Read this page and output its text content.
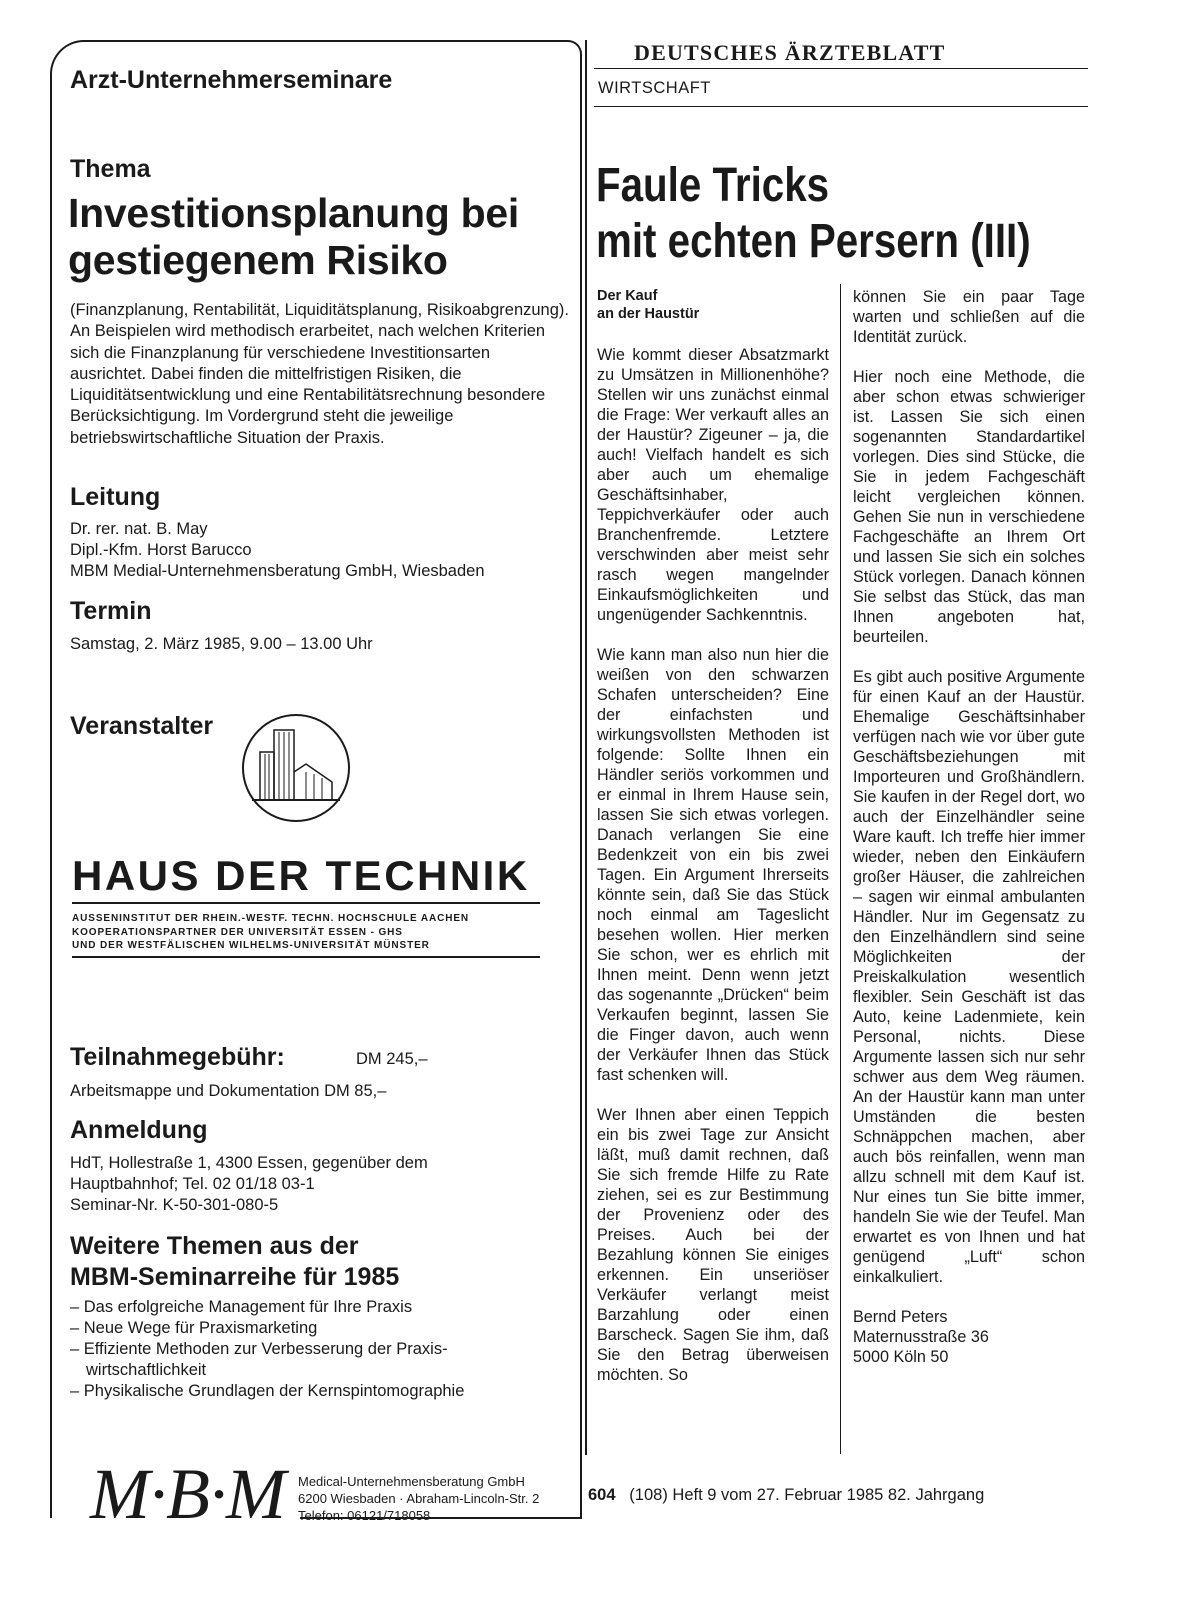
Arzt-Unternehmerseminare
Thema
Investitionsplanung bei
gestiegenem Risiko
(Finanzplanung, Rentabilität, Liquiditätsplanung, Risikoabgrenzung). An Beispielen wird methodisch erarbeitet, nach welchen Kriterien sich die Finanzplanung für verschiedene Investitionsarten ausrichtet. Dabei finden die mittelfristigen Risiken, die Liquiditätsentwicklung und eine Rentabilitätsrechnung besondere Berücksichtigung. Im Vordergrund steht die jeweilige betriebswirtschaftliche Situation der Praxis.
Leitung
Dr. rer. nat. B. May
Dipl.-Kfm. Horst Barucco
MBM Medial-Unternehmensberatung GmbH, Wiesbaden
Termin
Samstag, 2. März 1985, 9.00 – 13.00 Uhr
Veranstalter
HAUS DER TECHNIK
AUSSENINSTITUT DER RHEIN.-WESTF. TECHN. HOCHSCHULE AACHEN
KOOPERATIONSPARTNER DER UNIVERSITÄT ESSEN - GHS
UND DER WESTFÄLISCHEN WILHELMS-UNIVERSITÄT MÜNSTER
Teilnahmegebühr:	DM 245,–
Arbeitsmappe und Dokumentation DM 85,–
Anmeldung
HdT, Hollestraße 1, 4300 Essen, gegenüber dem
Hauptbahnhof; Tel. 02 01/18 03-1
Seminar-Nr. K-50-301-080-5
Weitere Themen aus der
MBM-Seminarreihe für 1985
– Das erfolgreiche Management für Ihre Praxis
– Neue Wege für Praxismarketing
– Effiziente Methoden zur Verbesserung der Praxis-
wirtschaftlichkeit
– Physikalische Grundlagen der Kernspintomographie
M·B·M Medical-Unternehmensberatung GmbH
6200 Wiesbaden · Abraham-Lincoln-Str. 2
Telefon: 06121/718058
DEUTSCHES ÄRZTEBLATT
WIRTSCHAFT
Faule Tricks
mit echten Persern (III)
Der Kauf
an der Haustür

Wie kommt dieser Absatzmarkt zu Umsätzen in Millionenhöhe? Stellen wir uns zunächst einmal die Frage: Wer verkauft alles an der Haustür? Zigeuner – ja, die auch! Vielfach handelt es sich aber auch um ehemalige Geschäftsinhaber, Teppichverkäufer oder auch Branchenfremde. Letztere verschwinden aber meist sehr rasch wegen mangelnder Einkaufsmöglichkeiten und ungenügender Sachkenntnis.

Wie kann man also nun hier die weißen von den schwarzen Schafen unterscheiden? Eine der einfachsten und wirkungsvollsten Methoden ist folgende: Sollte Ihnen ein Händler seriös vorkommen und er einmal in Ihrem Hause sein, lassen Sie sich etwas vorlegen. Danach verlangen Sie eine Bedenkzeit von ein bis zwei Tagen. Ein Argument Ihrerseits könnte sein, daß Sie das Stück noch einmal am Tageslicht besehen wollen. Hier merken Sie schon, wer es ehrlich mit Ihnen meint. Denn wenn jetzt das sogenannte „Drücken“ beim Verkaufen beginnt, lassen Sie die Finger davon, auch wenn der Verkäufer Ihnen das Stück fast schenken will.

Wer Ihnen aber einen Teppich ein bis zwei Tage zur Ansicht läßt, muß damit rechnen, daß Sie sich fremde Hilfe zu Rate ziehen, sei es zur Bestimmung der Provenienz oder des Preises. Auch bei der Bezahlung können Sie einiges erkennen. Ein unseriöser Verkäufer verlangt meist Barzahlung oder einen Barscheck. Sagen Sie ihm, daß Sie den Betrag überweisen möchten. So

können Sie ein paar Tage warten und schließen auf die Identität zurück.

Hier noch eine Methode, die aber schon etwas schwieriger ist. Lassen Sie sich einen sogenannten Standardartikel vorlegen. Dies sind Stücke, die Sie in jedem Fachgeschäft leicht vergleichen können. Gehen Sie nun in verschiedene Fachgeschäfte an Ihrem Ort und lassen Sie sich ein solches Stück vorlegen. Danach können Sie selbst das Stück, das man Ihnen angeboten hat, beurteilen.

Es gibt auch positive Argumente für einen Kauf an der Haustür. Ehemalige Geschäftsinhaber verfügen nach wie vor über gute Geschäftsbeziehungen mit Importeuren und Großhändlern. Sie kaufen in der Regel dort, wo auch der Einzelhändler seine Ware kauft. Ich treffe hier immer wieder, neben den Einkäufern großer Häuser, die zahlreichen – sagen wir einmal ambulanten Händler. Nur im Gegensatz zu den Einzelhändlern sind seine Möglichkeiten der Preiskalkulation wesentlich flexibler. Sein Geschäft ist das Auto, keine Ladenmiete, kein Personal, nichts. Diese Argumente lassen sich nur sehr schwer aus dem Weg räumen. An der Haustür kann man unter Umständen die besten Schnäppchen machen, aber auch bös reinfallen, wenn man allzu schnell mit dem Kauf ist. Nur eines tun Sie bitte immer, handeln Sie wie der Teufel. Man erwartet es von Ihnen und hat genügend „Luft“ schon einkalkuliert.

Bernd Peters
Maternusstraße 36
5000 Köln 50

604 (108) Heft 9 vom 27. Februar 1985 82. Jahrgang
